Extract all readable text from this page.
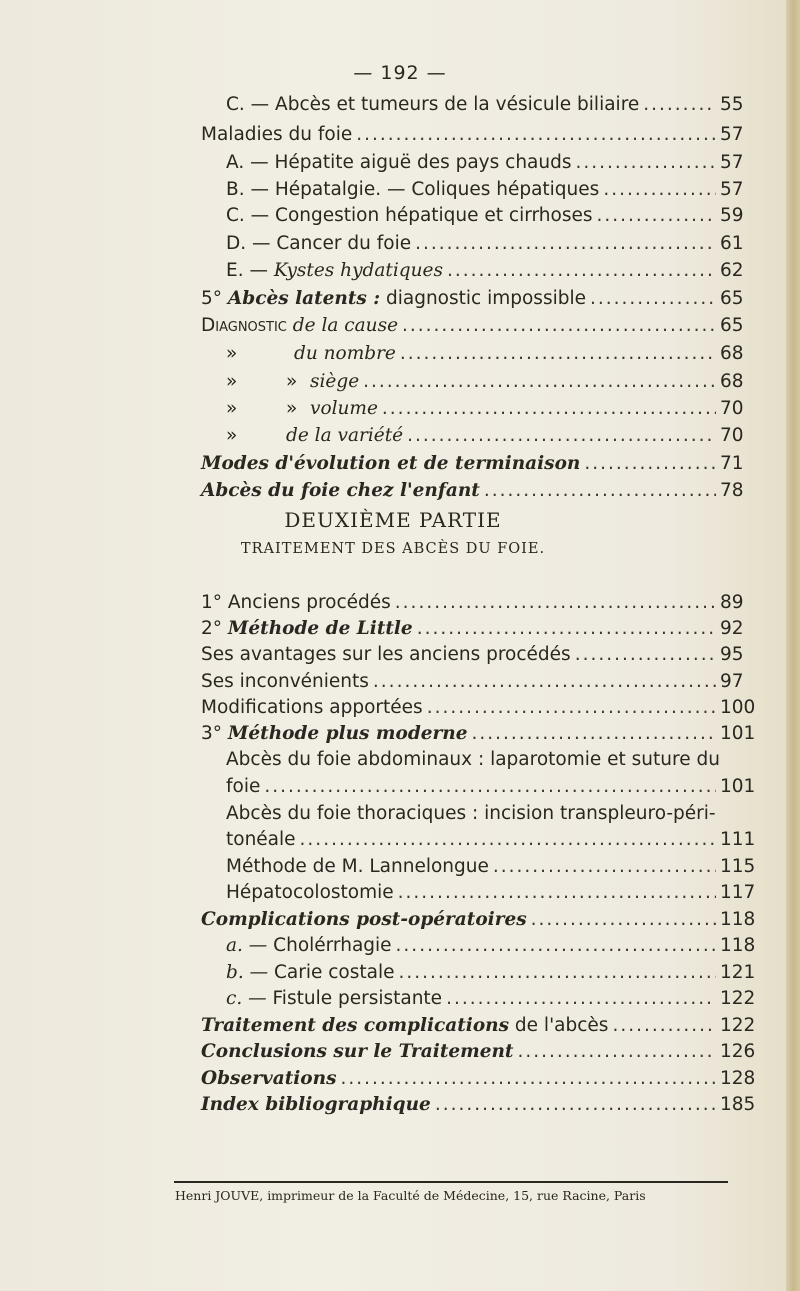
— 192 —
C. — Abcès et tumeurs de la vésicule biliaire .....	55
Maladies du foie .....	57
A. — Hépatite aiguë des pays chauds .....	57
B. — Hépatalgie. — Coliques hépatiques .....	57
C. — Congestion hépatique et cirrhoses .....	59
D. — Cancer du foie .....	61
E. — Kystes hydatiques .....	62
5° Abcès latents : diagnostic impossible .....	65
Diagnostic de la cause .....	65
»	du nombre .....	68
»	» siège .....	68
»	» volume .....	70
»	de la variété .....	70
Modes d'évolution et de terminaison .....	71
Abcès du foie chez l'enfant .....	78
DEUXIÈME PARTIE
TRAITEMENT DES ABCÈS DU FOIE.
1° Anciens procédés .....	89
2° Méthode de Little .....	92
Ses avantages sur les anciens procédés .....	95
Ses inconvénients .....	97
Modifications apportées .....	100
3° Méthode plus moderne .....	101
Abcès du foie abdominaux : laparotomie et suture du
foie .....	101
Abcès du foie thoraciques : incision transpleuro-péri-
tonéale .....	111
Méthode de M. Lannelongue .....	115
Hépatocolostomie .....	117
Complications post-opératoires .....	118
a. — Cholérrhagie .....	118
b. — Carie costale .....	121
c. — Fistule persistante .....	122
Traitement des complications de l'abcès .....	122
Conclusions sur le Traitement .....	126
Observations .....	128
Index bibliographique .....	185
Henri JOUVE, imprimeur de la Faculté de Médecine, 15, rue Racine, Paris
